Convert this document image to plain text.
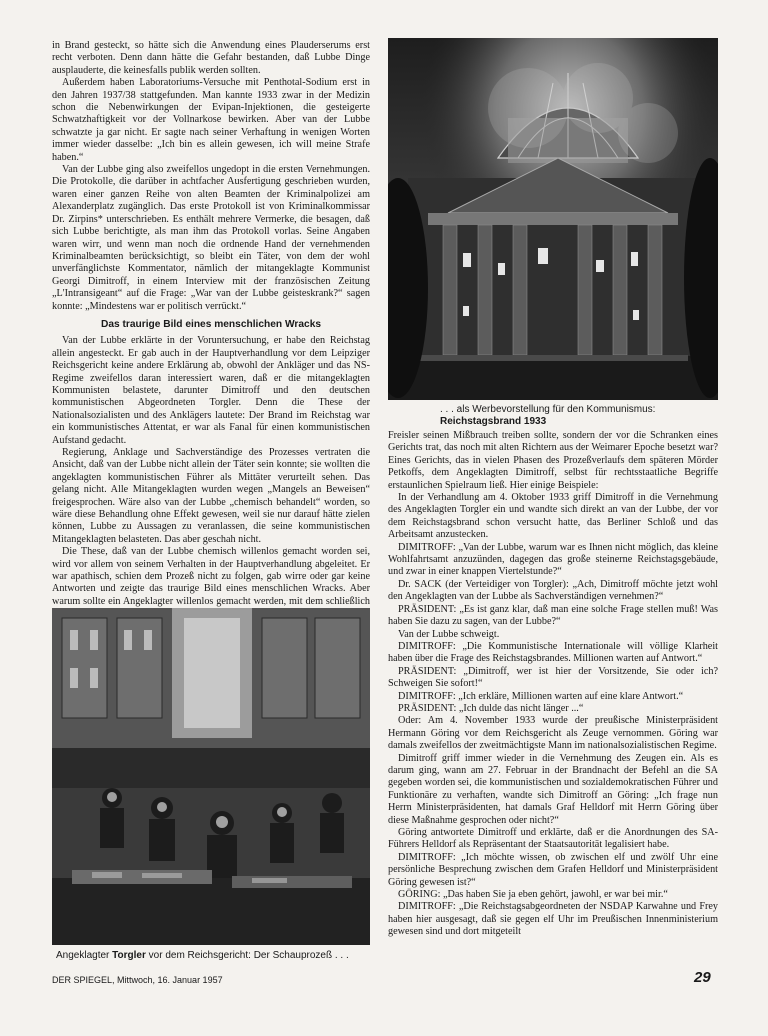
in Brand gesteckt, so hätte sich die Anwendung eines Plauderserums erst recht verboten. Denn dann hätte die Gefahr bestanden, daß Lubbe Dinge ausplauderte, die keinesfalls publik werden sollten.

Außerdem haben Laboratoriums-Versuche mit Penthotal-Sodium erst in den Jahren 1937/38 stattgefunden. Man kannte 1933 zwar in der Medizin schon die Nebenwirkungen der Evipan-Injektionen, die gesteigerte Schwatzhaftigkeit vor der Vollnarkose bewirken. Aber van der Lubbe schwatzte ja gar nicht. Er sagte nach seiner Verhaftung in wenigen Worten immer wieder dasselbe: „Ich bin es allein gewesen, ich will meine Strafe haben.“

Van der Lubbe ging also zweifellos ungedopt in die ersten Vernehmungen. Die Protokolle, die darüber in achtfacher Ausfertigung geschrieben wurden, waren einer ganzen Reihe von alten Beamten der Kriminalpolizei am Alexanderplatz zugänglich. Das erste Protokoll ist von Kriminalkommissar Dr. Zirpins* unterschrieben. Es enthält mehrere Vermerke, die besagen, daß sich Lubbe berichtigte, als man ihm das Protokoll vorlas. Seine Angaben waren wirr, und wenn man noch die ordnende Hand der vernehmenden Kriminalbeamten berücksichtigt, so bleibt ein Täter, von dem der wohl unverfänglichste Kommentator, nämlich der mitangeklagte Kommunist Georgi Dimitroff, in einem Interview mit der französischen Zeitung „L'Intransigeant“ auf die Frage: „War van der Lubbe geisteskrank?“ sagen konnte: „Mindestens war er politisch verrückt.“

Das traurige Bild eines menschlichen Wracks

Van der Lubbe erklärte in der Voruntersuchung, er habe den Reichstag allein angesteckt. Er gab auch in der Hauptverhandlung vor dem Leipziger Reichsgericht keine andere Erklärung ab, obwohl der Ankläger und das NS-Regime zweifellos daran interessiert waren, daß er die mitangeklagten Kommunisten belastete, darunter Dimitroff und den deutschen kommunistischen Abgeordneten Torgler. Denn die These der Nationalsozialisten und des Anklägers lautete: Der Brand im Reichstag war ein kommunistisches Attentat, er war als Fanal für einen kommunistischen Aufstand gedacht.

Regierung, Anklage und Sachverständige des Prozesses vertraten die Ansicht, daß van der Lubbe nicht allein der Täter sein konnte; sie wollten die angeklagten kommunistischen Führer als Mittäter verurteilt sehen. Das gelang nicht. Alle Mitangeklagten wurden wegen „Mangels an Beweisen“ freigesprochen. Wäre also van der Lubbe „chemisch behandelt“ worden, so wäre diese Behandlung ohne Effekt gewesen, weil sie nur darauf hätte zielen können, Lubbe zu Aussagen zu veranlassen, die seine kommunistischen Mitangeklagten belasteten. Das aber geschah nicht.

Die These, daß van der Lubbe chemisch willenlos gemacht worden sei, wird vor allem von seinem Verhalten in der Hauptverhandlung abgeleitet. Er war apathisch, schien dem Prozeß nicht zu folgen, gab wirre oder gar keine Antworten und zeigte das traurige Bild eines menschlichen Wracks. Aber warum sollte ein Angeklagter willenlos gemacht werden, mit dem schließlich

. . . als Werbevorstellung für den Kommunismus: Reichstagsbrand 1933

Freisler seinen Mißbrauch treiben sollte, sondern der vor die Schranken eines Gerichts trat, das noch mit alten Richtern aus der Weimarer Epoche besetzt war? Eines Gerichts, das in vielen Phasen des Prozeßverlaufs dem späteren Mörder Petkoffs, dem Angeklagten Dimitroff, selbst für rechtsstaatliche Begriffe erstaunlichen Spielraum ließ. Hier einige Beispiele:

In der Verhandlung am 4. Oktober 1933 griff Dimitroff in die Vernehmung des Angeklagten Torgler ein und wandte sich direkt an van der Lubbe, der vor dem Reichstagsbrand schon versucht hatte, das Berliner Schloß und das Arbeitsamt anzustecken.

DIMITROFF: „Van der Lubbe, warum war es Ihnen nicht möglich, das kleine Wohlfahrtsamt anzuzünden, dagegen das große steinerne Reichstagsgebäude, und zwar in einer knappen Viertelstunde?“

Dr. SACK (der Verteidiger von Torgler): „Ach, Dimitroff möchte jetzt wohl den Angeklagten van der Lubbe als Sachverständigen vernehmen?“

PRÄSIDENT: „Es ist ganz klar, daß man eine solche Frage stellen muß! Was haben Sie dazu zu sagen, van der Lubbe?“

Van der Lubbe schweigt.

DIMITROFF: „Die Kommunistische Internationale will völlige Klarheit haben über die Frage des Reichstagsbrandes. Millionen warten auf Antwort.“

PRÄSIDENT: „Dimitroff, wer ist hier der Vorsitzende, Sie oder ich? Schweigen Sie sofort!“

DIMITROFF: „Ich erkläre, Millionen warten auf eine klare Antwort.“

PRÄSIDENT: „Ich dulde das nicht länger ...“

Oder: Am 4. November 1933 wurde der preußische Ministerpräsident Hermann Göring vor dem Reichsgericht als Zeuge vernommen. Göring war damals zweifellos der zweitmächtigste Mann im nationalsozialistischen Regime.

Dimitroff griff immer wieder in die Vernehmung des Zeugen ein. Als es darum ging, wann am 27. Februar in der Brandnacht der Befehl an die SA gegeben worden sei, die kommunistischen und sozialdemokratischen Führer und Funktionäre zu verhaften, wandte sich Dimitroff an Göring: „Ich frage nun Herrn Ministerpräsidenten, hat damals Graf Helldorf mit Herrn Göring über diese Maßnahme gesprochen oder nicht?“

Göring antwortete Dimitroff und erklärte, daß er die Anordnungen des SA-Führers Helldorf als Repräsentant der Staatsautorität legalisiert habe.

DIMITROFF: „Ich möchte wissen, ob zwischen elf und zwölf Uhr eine persönliche Besprechung zwischen dem Grafen Helldorf und Ministerpräsident Göring gewesen ist?“

GÖRING: „Das haben Sie ja eben gehört, jawohl, er war bei mir.“

DIMITROFF: „Die Reichstagsabgeordneten der NSDAP Karwahne und Frey haben hier ausgesagt, daß sie gegen elf Uhr im Preußischen Innenministerium gewesen sind und dort mitgeteilt

Angeklagter Torgler vor dem Reichsgericht: Der Schauprozeß . . .
DER SPIEGEL, Mittwoch, 16. Januar 1957	29
